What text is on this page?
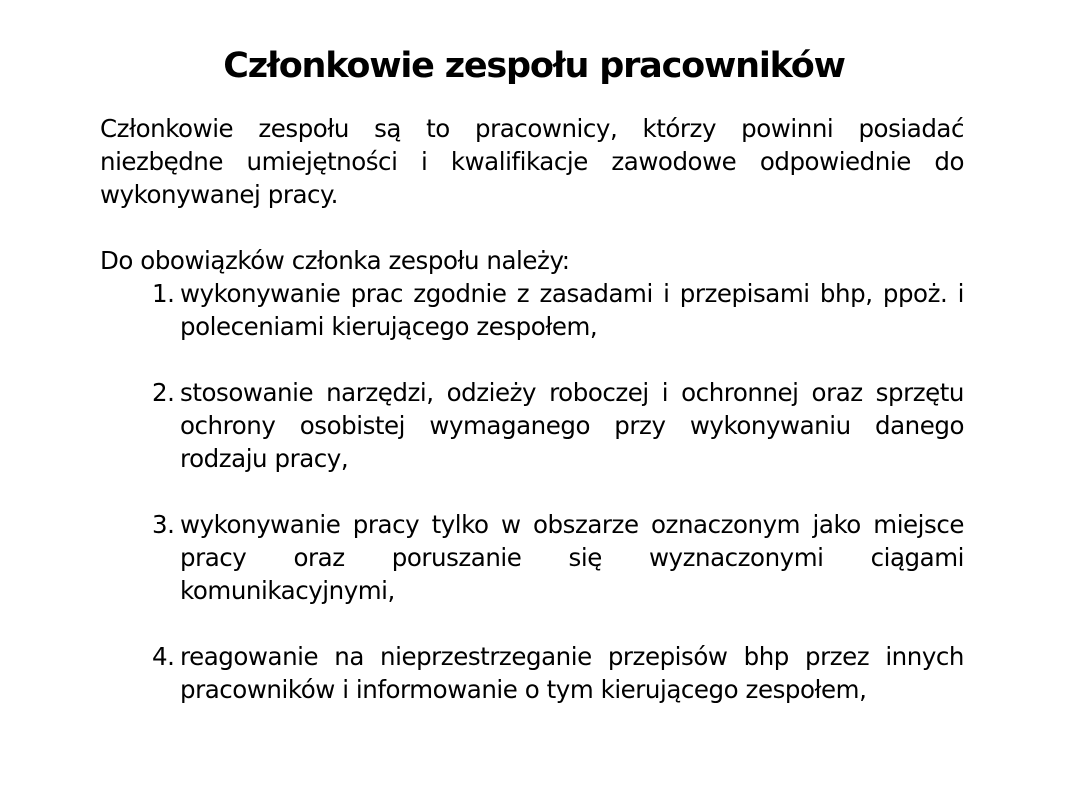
Członkowie zespołu pracowników

Członkowie zespołu są to pracownicy, którzy powinni posiadać niezbędne umiejętności i kwalifikacje zawodowe odpowiednie do wykonywanej pracy.

Do obowiązków członka zespołu należy:

1. wykonywanie prac zgodnie z zasadami i przepisami bhp, ppoż. i poleceniami kierującego zespołem,
2. stosowanie narzędzi, odzieży roboczej i ochronnej oraz sprzętu ochrony osobistej wymaganego przy wykonywaniu danego rodzaju pracy,
3. wykonywanie pracy tylko w obszarze oznaczonym jako miejsce pracy oraz poruszanie się wyznaczonymi ciągami komunikacyjnymi,
4. reagowanie na nieprzestrzeganie przepisów bhp przez innych pracowników i informowanie o tym kierującego zespołem,
